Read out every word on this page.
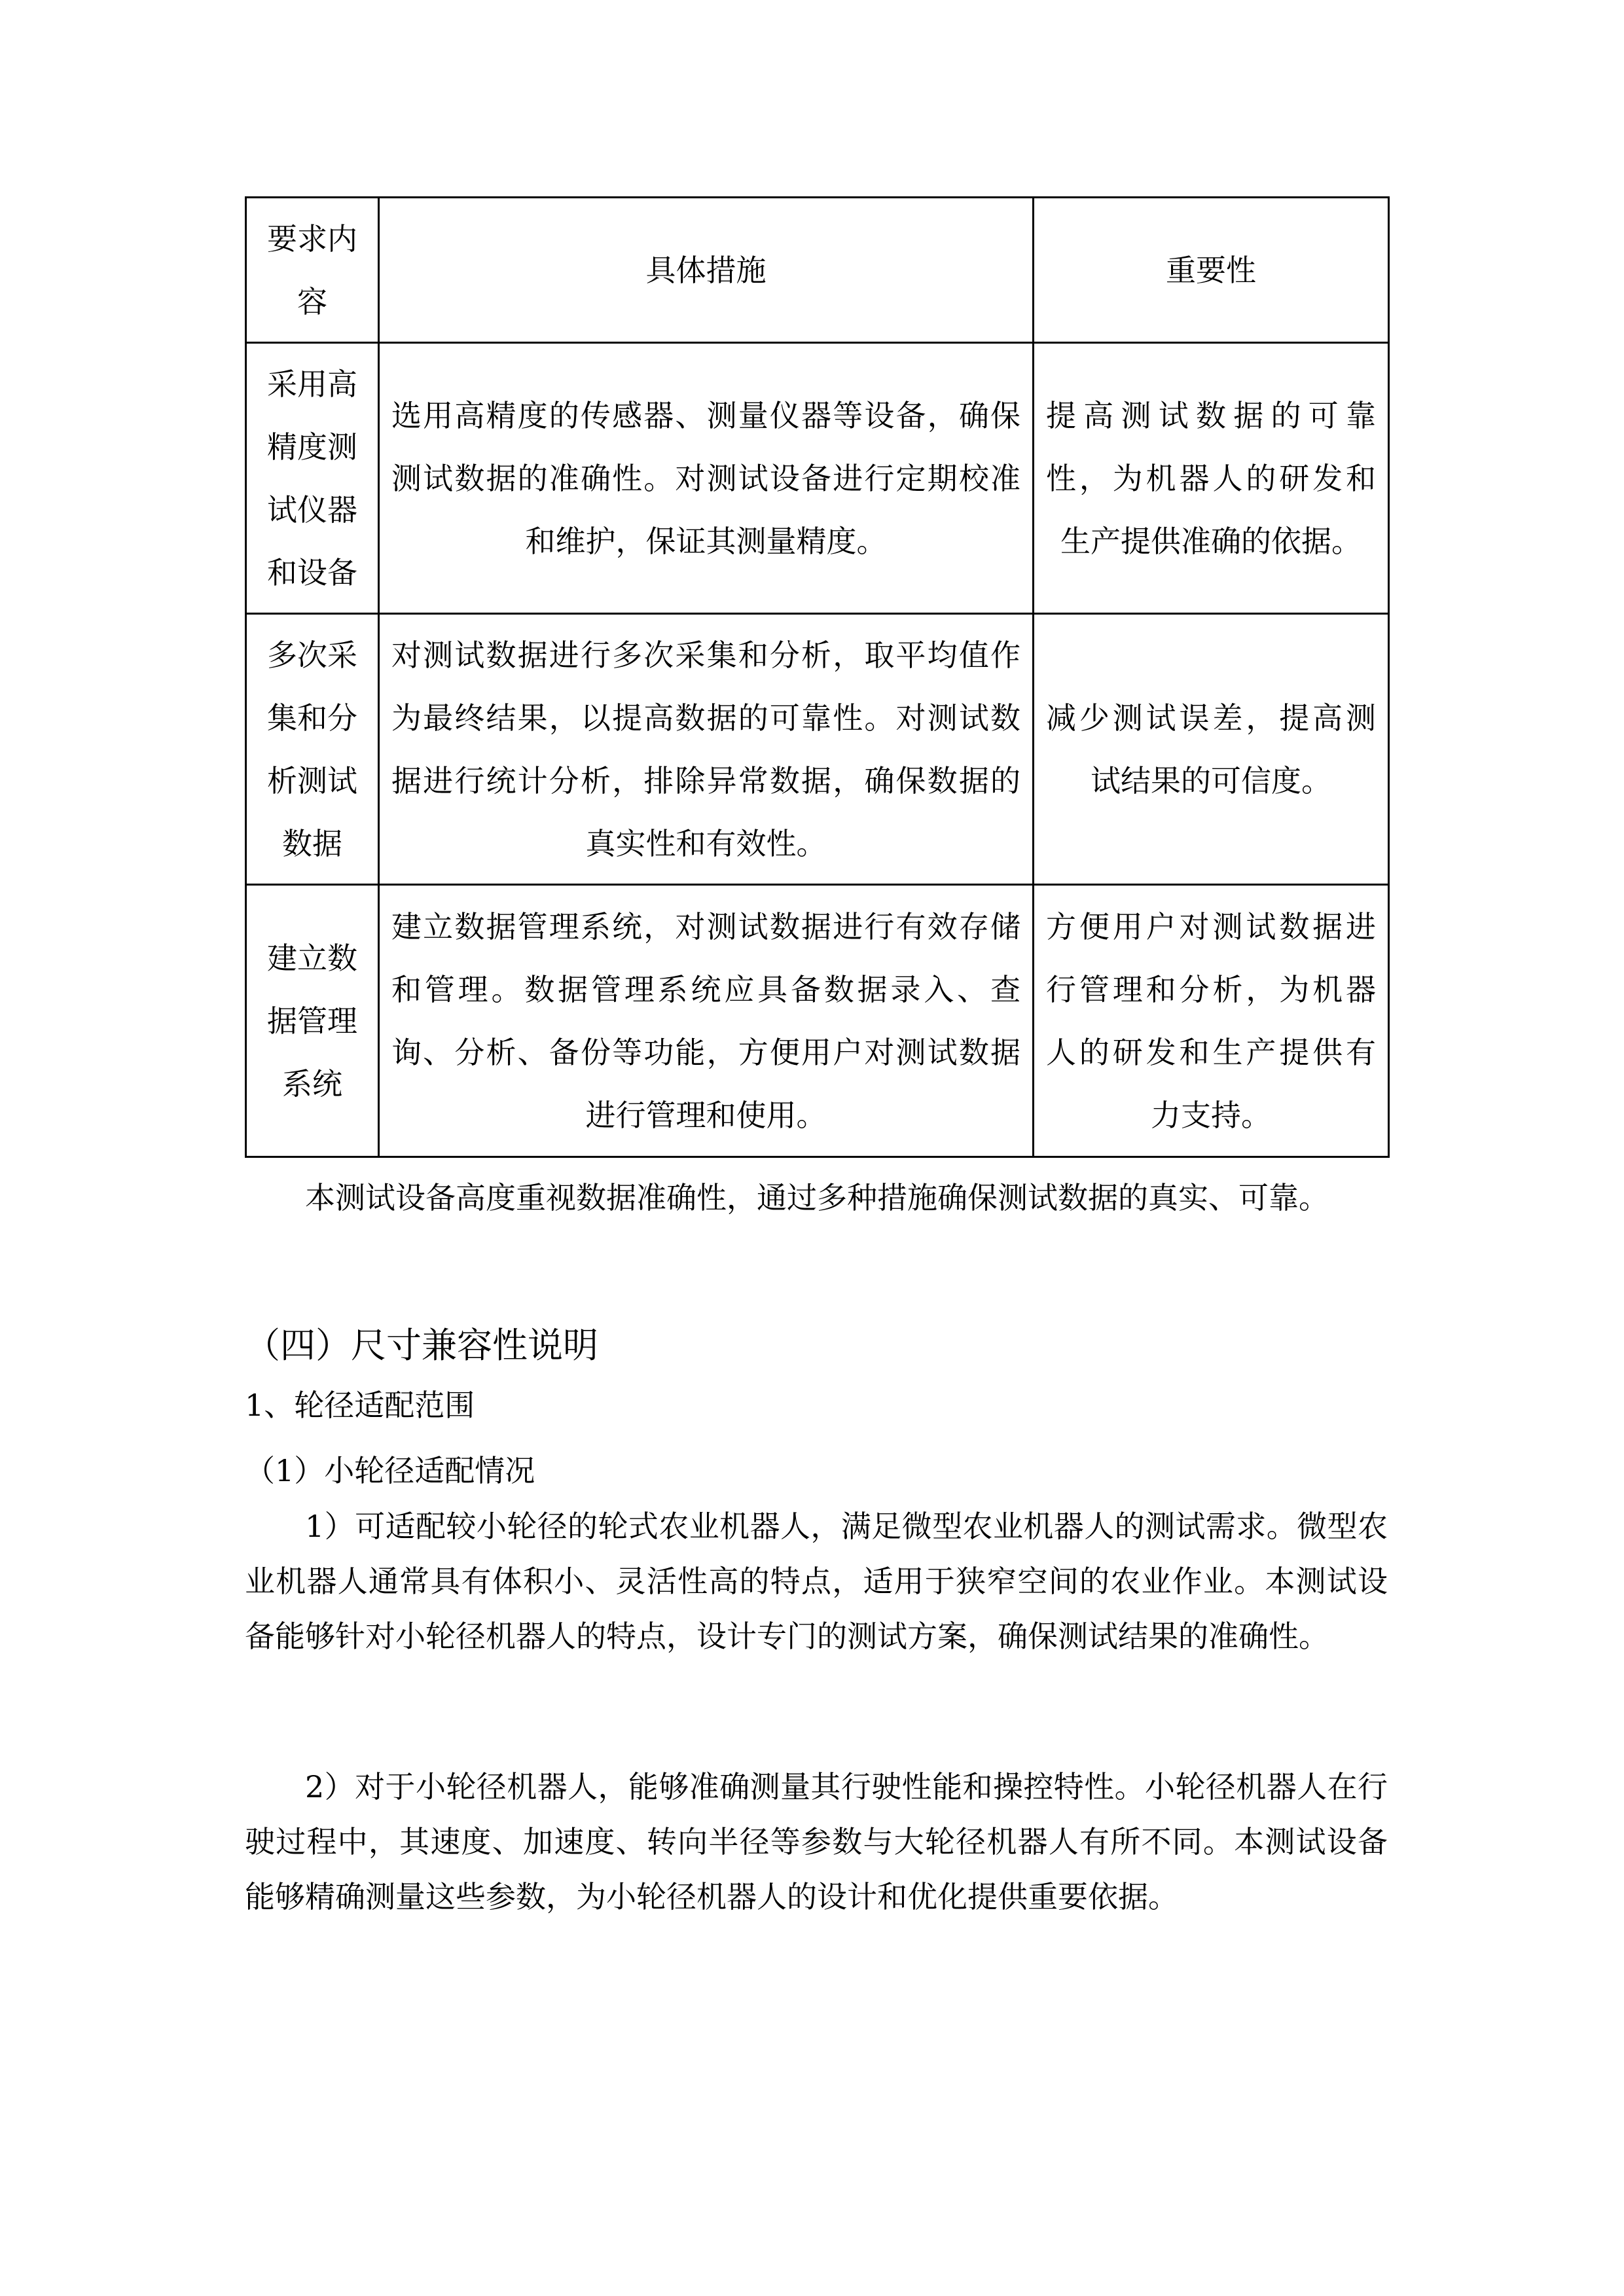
要求内容	具体措施	重要性
采用高精度测试仪器和设备	选用高精度的传感器、测量仪器等设备，确保测试数据的准确性。对测试设备进行定期校准和维护，保证其测量精度。	提高测试数据的可靠性，为机器人的研发和生产提供准确的依据。
多次采集和分析测试数据	对测试数据进行多次采集和分析，取平均值作为最终结果，以提高数据的可靠性。对测试数据进行统计分析，排除异常数据，确保数据的真实性和有效性。	减少测试误差，提高测试结果的可信度。
建立数据管理系统	建立数据管理系统，对测试数据进行有效存储和管理。数据管理系统应具备数据录入、查询、分析、备份等功能，方便用户对测试数据进行管理和使用。	方便用户对测试数据进行管理和分析，为机器人的研发和生产提供有力支持。

本测试设备高度重视数据准确性，通过多种措施确保测试数据的真实、可靠。

（四）尺寸兼容性说明

1、轮径适配范围

（1）小轮径适配情况

1）可适配较小轮径的轮式农业机器人，满足微型农业机器人的测试需求。微型农业机器人通常具有体积小、灵活性高的特点，适用于狭窄空间的农业作业。本测试设备能够针对小轮径机器人的特点，设计专门的测试方案，确保测试结果的准确性。

2）对于小轮径机器人，能够准确测量其行驶性能和操控特性。小轮径机器人在行驶过程中，其速度、加速度、转向半径等参数与大轮径机器人有所不同。本测试设备能够精确测量这些参数，为小轮径机器人的设计和优化提供重要依据。
